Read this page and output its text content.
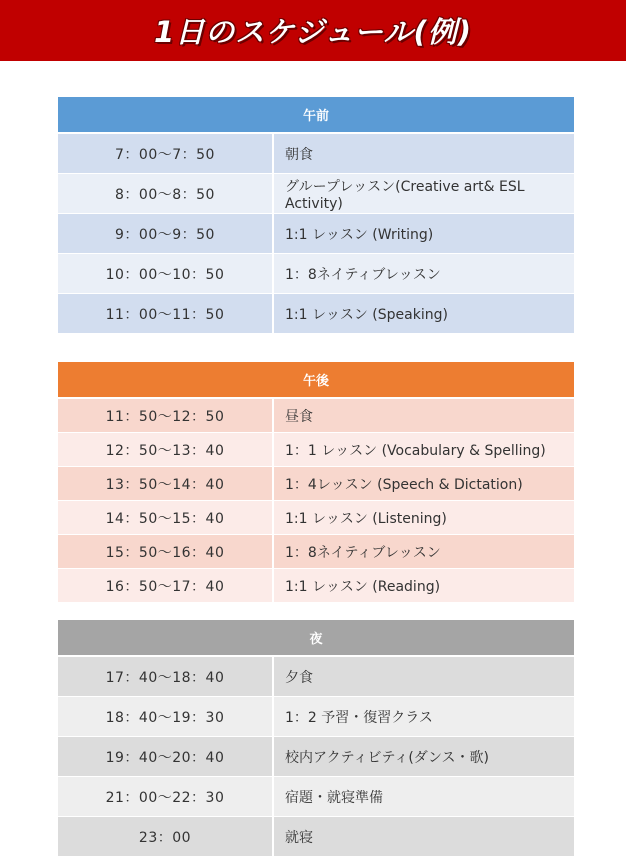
1日のスケジュール(例)
午前
7：00〜7：50	朝食
8：00〜8：50	グループレッスン(Creative art& ESL Activity)
9：00〜9：50	1:1 レッスン (Writing)
10：00〜10：50	1：8ネイティブレッスン
11：00〜11：50	1:1 レッスン (Speaking)
午後
11：50〜12：50	昼食
12：50〜13：40	1：1 レッスン (Vocabulary & Spelling)
13：50〜14：40	1：4レッスン (Speech & Dictation)
14：50〜15：40	1:1 レッスン (Listening)
15：50〜16：40	1：8ネイティブレッスン
16：50〜17：40	1:1 レッスン (Reading)
夜
17：40〜18：40	夕食
18：40〜19：30	1：2 予習・復習クラス
19：40〜20：40	校内アクティビティ(ダンス・歌)
21：00〜22：30	宿題・就寝準備
23：00	就寝
